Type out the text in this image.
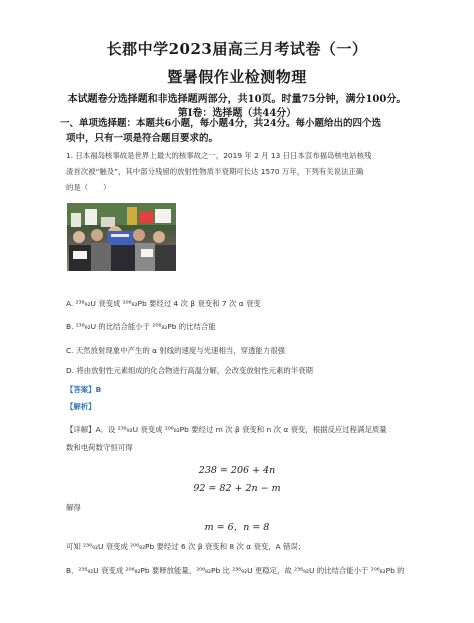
长郡中学2023届高三月考试卷（一）
暨暑假作业检测物理
本试题卷分选择题和非选择题两部分，共10页。时量75分钟，满分100分。
第Ⅰ卷：选择题（共44分）
一、单项选择题：本题共6小题，每小题4分，共24分。每小题给出的四个选
项中，只有一项是符合题目要求的。
1. 日本福岛核事故是世界上最大的核事故之一，2019 年 2 月 13 日日本宣布福岛核电站核残
渣首次被“触及”，其中部分残留的放射性物质半衰期可长达 1570 万年，下列有关说法正确
的是（　　）
A. ²³⁸₉₂U 衰变成 ²⁰⁶₈₂Pb 要经过 4 次 β 衰变和 7 次 α 衰变
B. ²³⁸₉₂U 的比结合能小于 ²⁰⁶₈₂Pb 的比结合能
C. 天然放射现象中产生的 α 射线的速度与光速相当，穿透能力很强
D. 将由放射性元素组成的化合物进行高温分解，会改变放射性元素的半衰期
【答案】B
【解析】
【详解】A．设 ²³⁸₉₂U 衰变成 ²⁰⁶₈₂Pb 要经过 m 次 β 衰变和 n 次 α 衰变，根据反应过程满足质量
数和电荷数守恒可得
238 = 206 + 4n
92 = 82 + 2n − m
解得
m = 6，n = 8
可知 ²³⁸₉₂U 衰变成 ²⁰⁶₈₂Pb 要经过 6 次 β 衰变和 8 次 α 衰变，A 错误；
B．²³⁸₉₂U 衰变成 ²⁰⁶₈₂Pb 要释放能量，²⁰⁶₈₂Pb 比 ²³⁸₉₂U 更稳定，故 ²³⁸₉₂U 的比结合能小于 ²⁰⁶₈₂Pb 的
